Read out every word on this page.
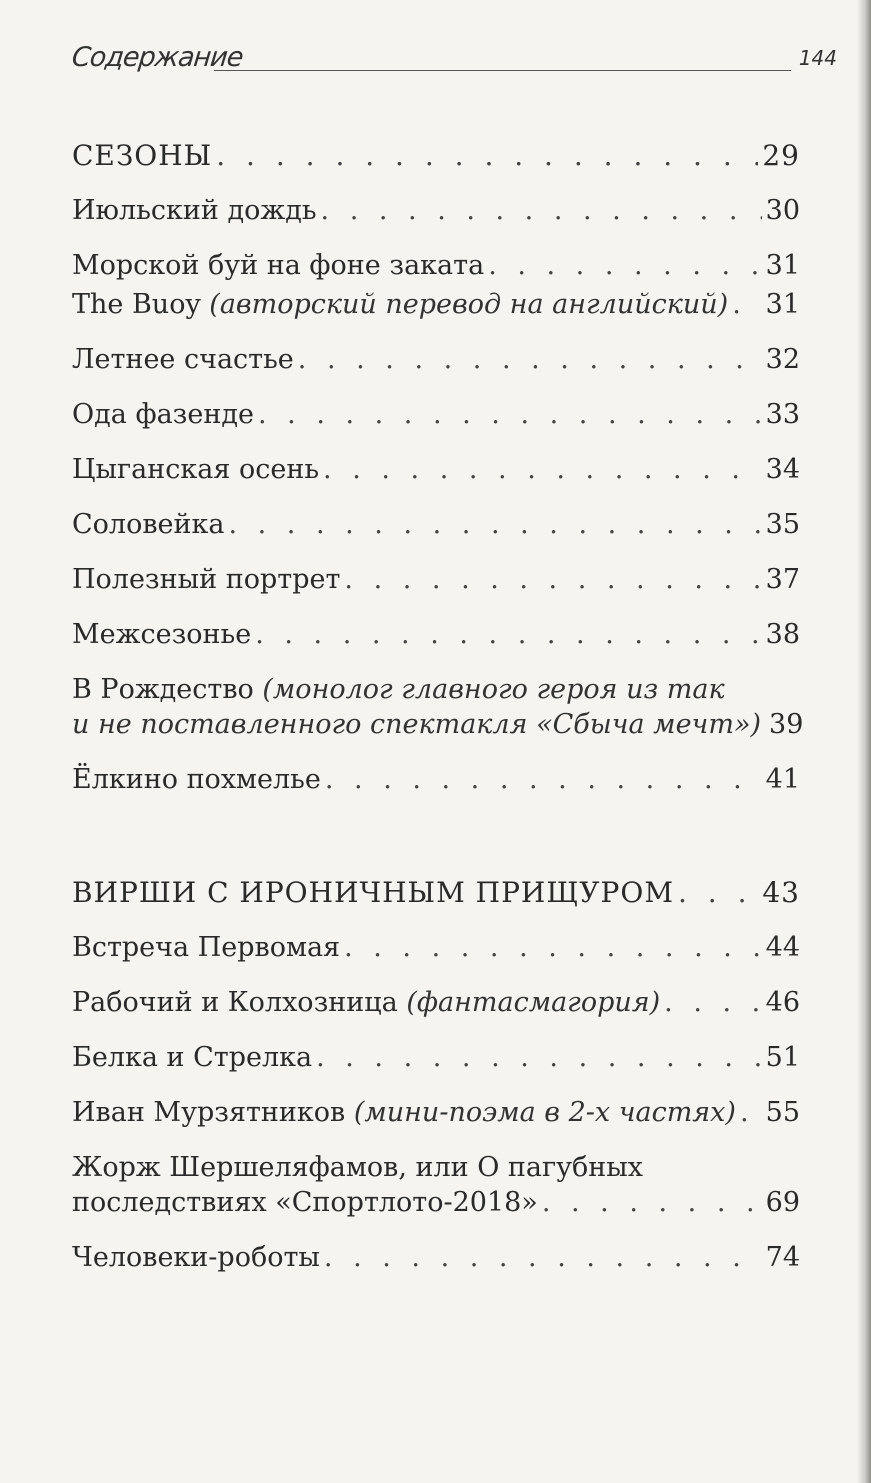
Содержание	144
СЕЗОНЫ . . .	29
Июльский дождь . . .	30
Морской буй на фоне заката . . .	31
The Buoy (авторский перевод на английский) . . . 31
Летнее счастье . . .	32
Ода фазенде . . .	33
Цыганская осень . . .	34
Соловейка . . .	35
Полезный портрет . . .	37
Межсезонье . . .	38
В Рождество (монолог главного героя из так
и не поставленного спектакля «Сбыча мечт») 39
Ёлкино похмелье . . .	41
ВИРШИ С ИРОНИЧНЫМ ПРИЩУРОМ . . .	43
Встреча Первомая . . .	44
Рабочий и Колхозница (фантасмагория) . . .	46
Белка и Стрелка . . .	51
Иван Мурзятников (мини-поэма в 2-х частях) . . . 55
Жорж Шершеляфамов, или О пагубных
последствиях «Спортлото-2018» . . .	69
Человеки-роботы . . .	74
